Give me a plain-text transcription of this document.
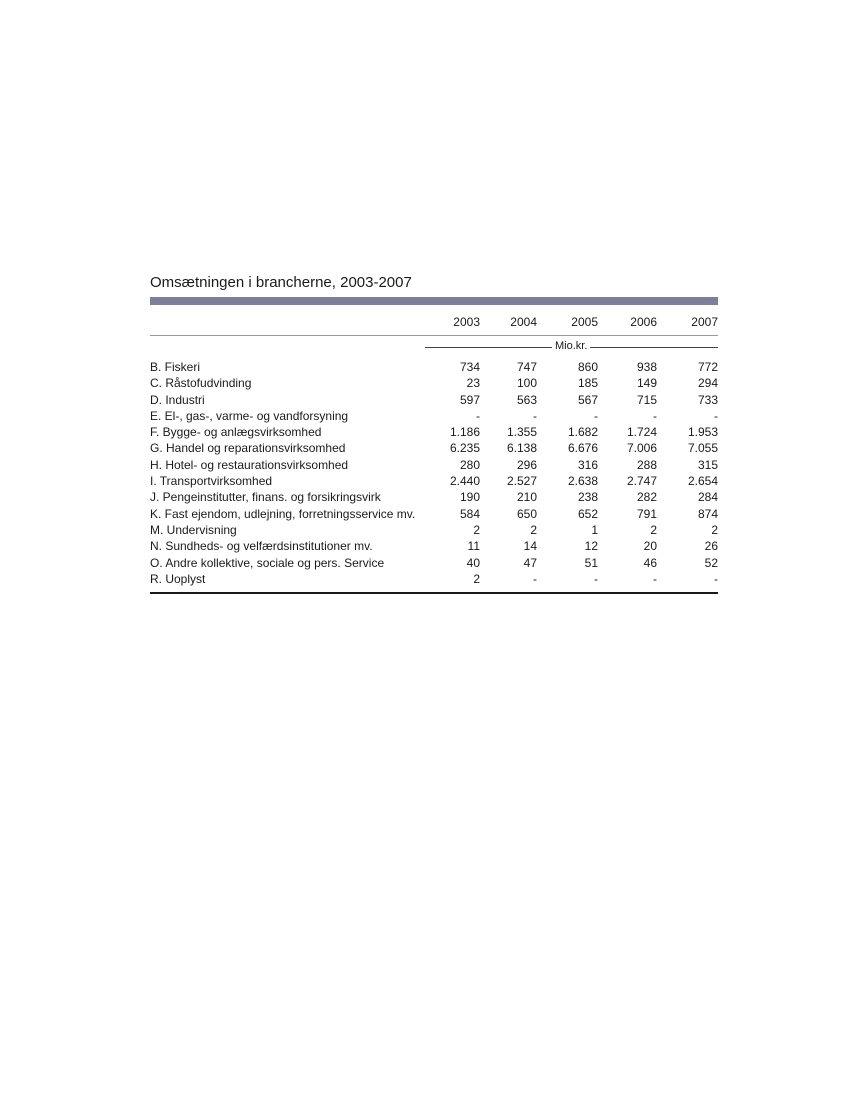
Omsætningen i brancherne, 2003-2007
2003	2004	2005	2006	2007
Mio.kr.
B. Fiskeri	734	747	860	938	772
C. Råstofudvinding	23	100	185	149	294
D. Industri	597	563	567	715	733
E. El-, gas-, varme- og vandforsyning	-	-	-	-	-
F. Bygge- og anlægsvirksomhed	1.186	1.355	1.682	1.724	1.953
G. Handel og reparationsvirksomhed	6.235	6.138	6.676	7.006	7.055
H. Hotel- og restaurationsvirksomhed	280	296	316	288	315
I. Transportvirksomhed	2.440	2.527	2.638	2.747	2.654
J. Pengeinstitutter, finans. og forsikringsvirk	190	210	238	282	284
K. Fast ejendom, udlejning, forretningsservice mv.	584	650	652	791	874
M. Undervisning	2	2	1	2	2
N. Sundheds- og velfærdsinstitutioner mv.	11	14	12	20	26
O. Andre kollektive, sociale og pers. Service	40	47	51	46	52
R. Uoplyst	2	-	-	-	-
